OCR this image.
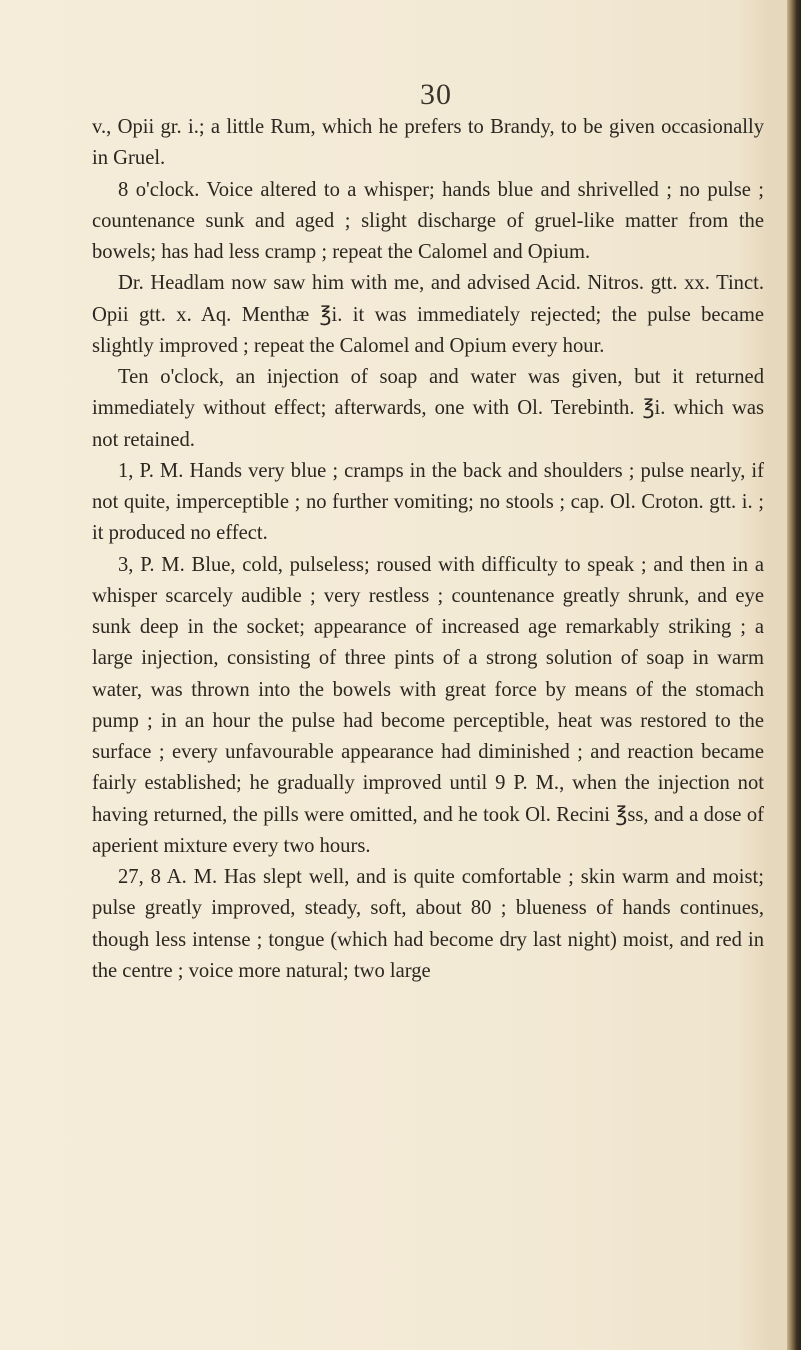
30

v., Opii gr. i.; a little Rum, which he prefers to Brandy, to be given occasionally in Gruel.

8 o'clock. Voice altered to a whisper; hands blue and shrivelled ; no pulse ; countenance sunk and aged ; slight discharge of gruel-like matter from the bowels; has had less cramp ; repeat the Calomel and Opium.

Dr. Headlam now saw him with me, and advised Acid. Nitros. gtt. xx. Tinct. Opii gtt. x. Aq. Menthæ ℥i. it was immediately rejected; the pulse became slightly improved ; repeat the Calomel and Opium every hour.

Ten o'clock, an injection of soap and water was given, but it returned immediately without effect; afterwards, one with Ol. Terebinth. ℥i. which was not retained.

1, P. M. Hands very blue ; cramps in the back and shoulders ; pulse nearly, if not quite, imperceptible ; no further vomiting; no stools ; cap. Ol. Croton. gtt. i. ; it produced no effect.

3, P. M. Blue, cold, pulseless; roused with difficulty to speak ; and then in a whisper scarcely audible ; very restless ; countenance greatly shrunk, and eye sunk deep in the socket; appearance of increased age remarkably striking ; a large injection, consisting of three pints of a strong solution of soap in warm water, was thrown into the bowels with great force by means of the stomach pump ; in an hour the pulse had become perceptible, heat was restored to the surface ; every unfavourable appearance had diminished ; and reaction became fairly established; he gradually improved until 9 P. M., when the injection not having returned, the pills were omitted, and he took Ol. Recini ℥ss, and a dose of aperient mixture every two hours.

27, 8 A. M. Has slept well, and is quite comfortable ; skin warm and moist; pulse greatly improved, steady, soft, about 80 ; blueness of hands continues, though less intense ; tongue (which had become dry last night) moist, and red in the centre ; voice more natural; two large
